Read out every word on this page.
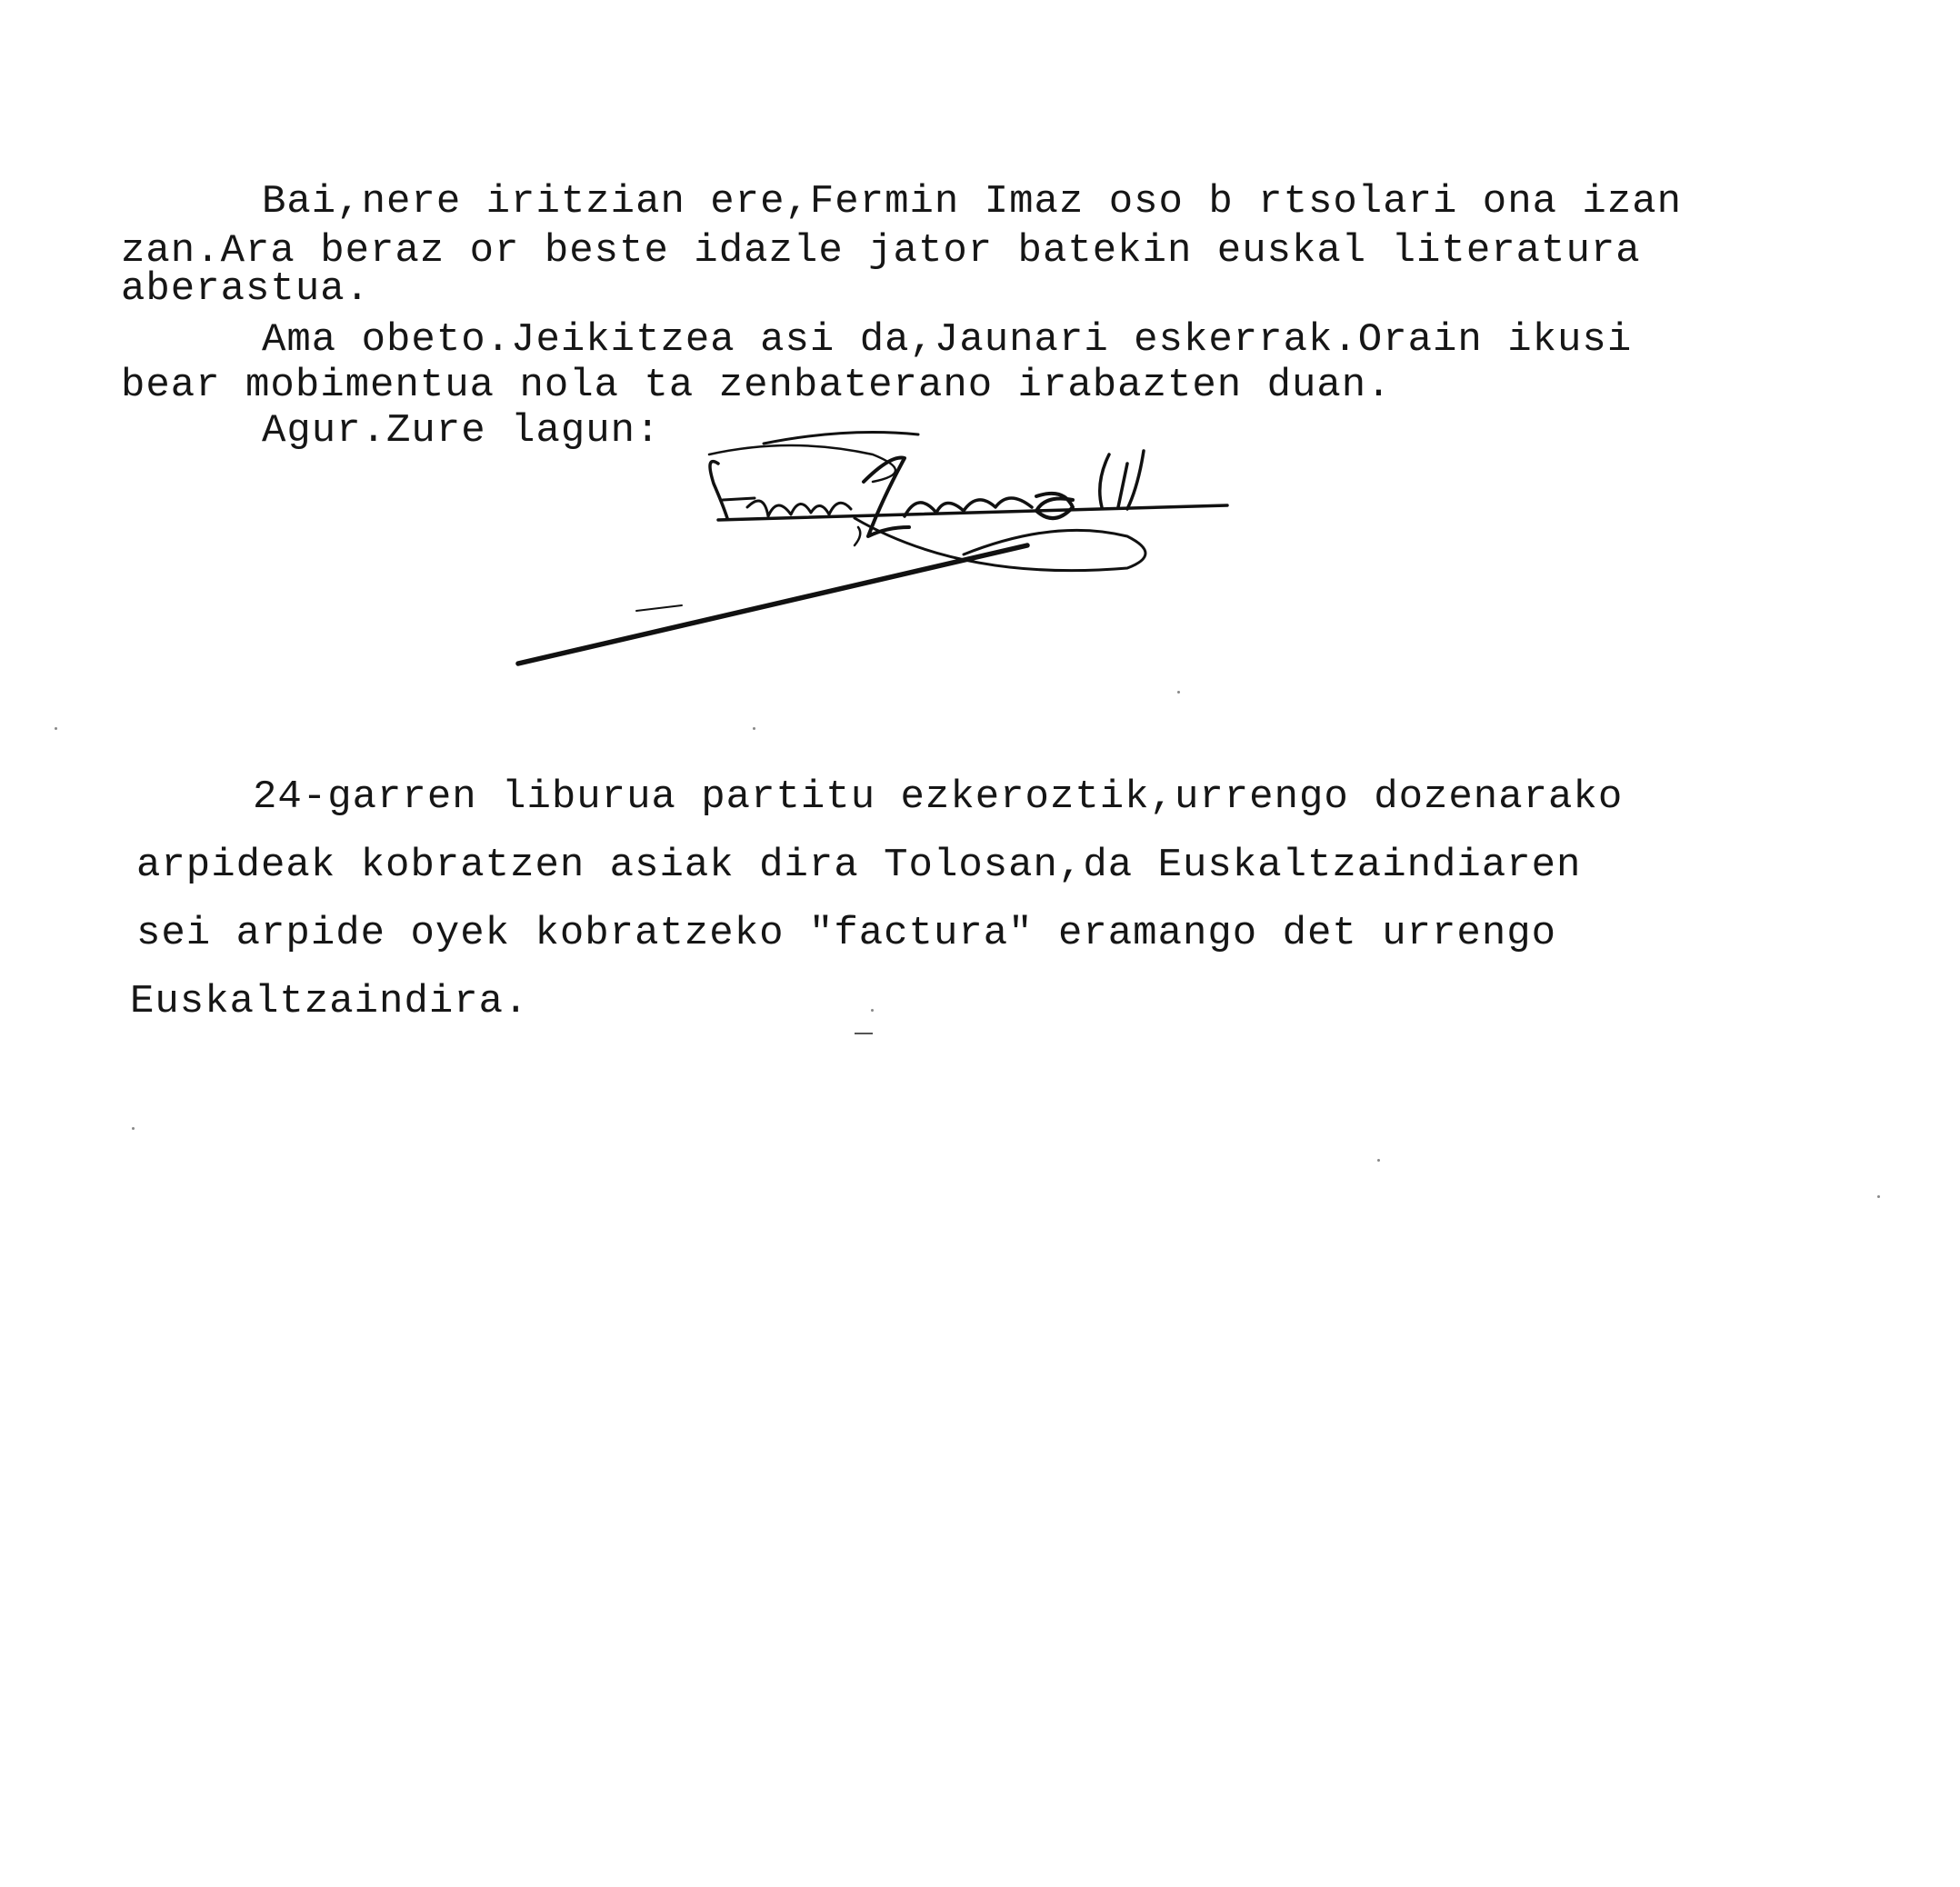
Bai,nere iritzian ere,Fermin Imaz oso b rtsolari ona izan
zan.Ara beraz or beste idazle jator batekin euskal literatura
aberastua.
Ama obeto.Jeikitzea asi da,Jaunari eskerrak.Orain ikusi
bear mobimentua nola ta zenbaterano irabazten duan.
Agur.Zure lagun:
24-garren liburua partitu ezkeroztik,urrengo dozenarako
arpideak kobratzen asiak dira Tolosan,da Euskaltzaindiaren
sei arpide oyek kobratzeko "factura" eramango det urrengo
Euskaltzaindira.
